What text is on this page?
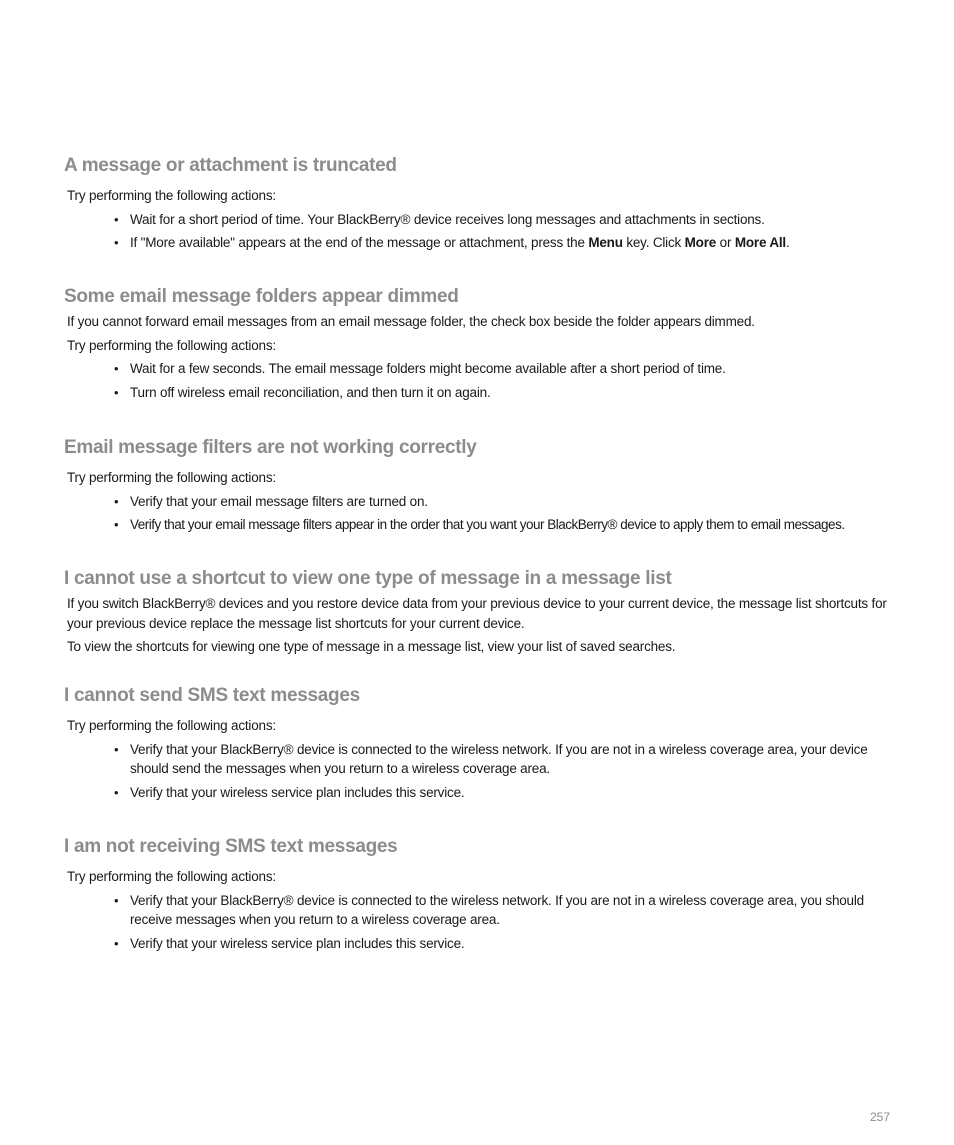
A message or attachment is truncated

Try performing the following actions:

• Wait for a short period of time. Your BlackBerry® device receives long messages and attachments in sections.
• If "More available" appears at the end of the message or attachment, press the Menu key. Click More or More All.
Some email message folders appear dimmed

If you cannot forward email messages from an email message folder, the check box beside the folder appears dimmed.

Try performing the following actions:

• Wait for a few seconds. The email message folders might become available after a short period of time.
• Turn off wireless email reconciliation, and then turn it on again.
Email message filters are not working correctly

Try performing the following actions:

• Verify that your email message filters are turned on.
• Verify that your email message filters appear in the order that you want your BlackBerry® device to apply them to email messages.
I cannot use a shortcut to view one type of message in a message list

If you switch BlackBerry® devices and you restore device data from your previous device to your current device, the message list shortcuts for your previous device replace the message list shortcuts for your current device.

To view the shortcuts for viewing one type of message in a message list, view your list of saved searches.

I cannot send SMS text messages

Try performing the following actions:

• Verify that your BlackBerry® device is connected to the wireless network. If you are not in a wireless coverage area, your device should send the messages when you return to a wireless coverage area.
• Verify that your wireless service plan includes this service.
I am not receiving SMS text messages

Try performing the following actions:

• Verify that your BlackBerry® device is connected to the wireless network. If you are not in a wireless coverage area, you should receive messages when you return to a wireless coverage area.
• Verify that your wireless service plan includes this service.
257
